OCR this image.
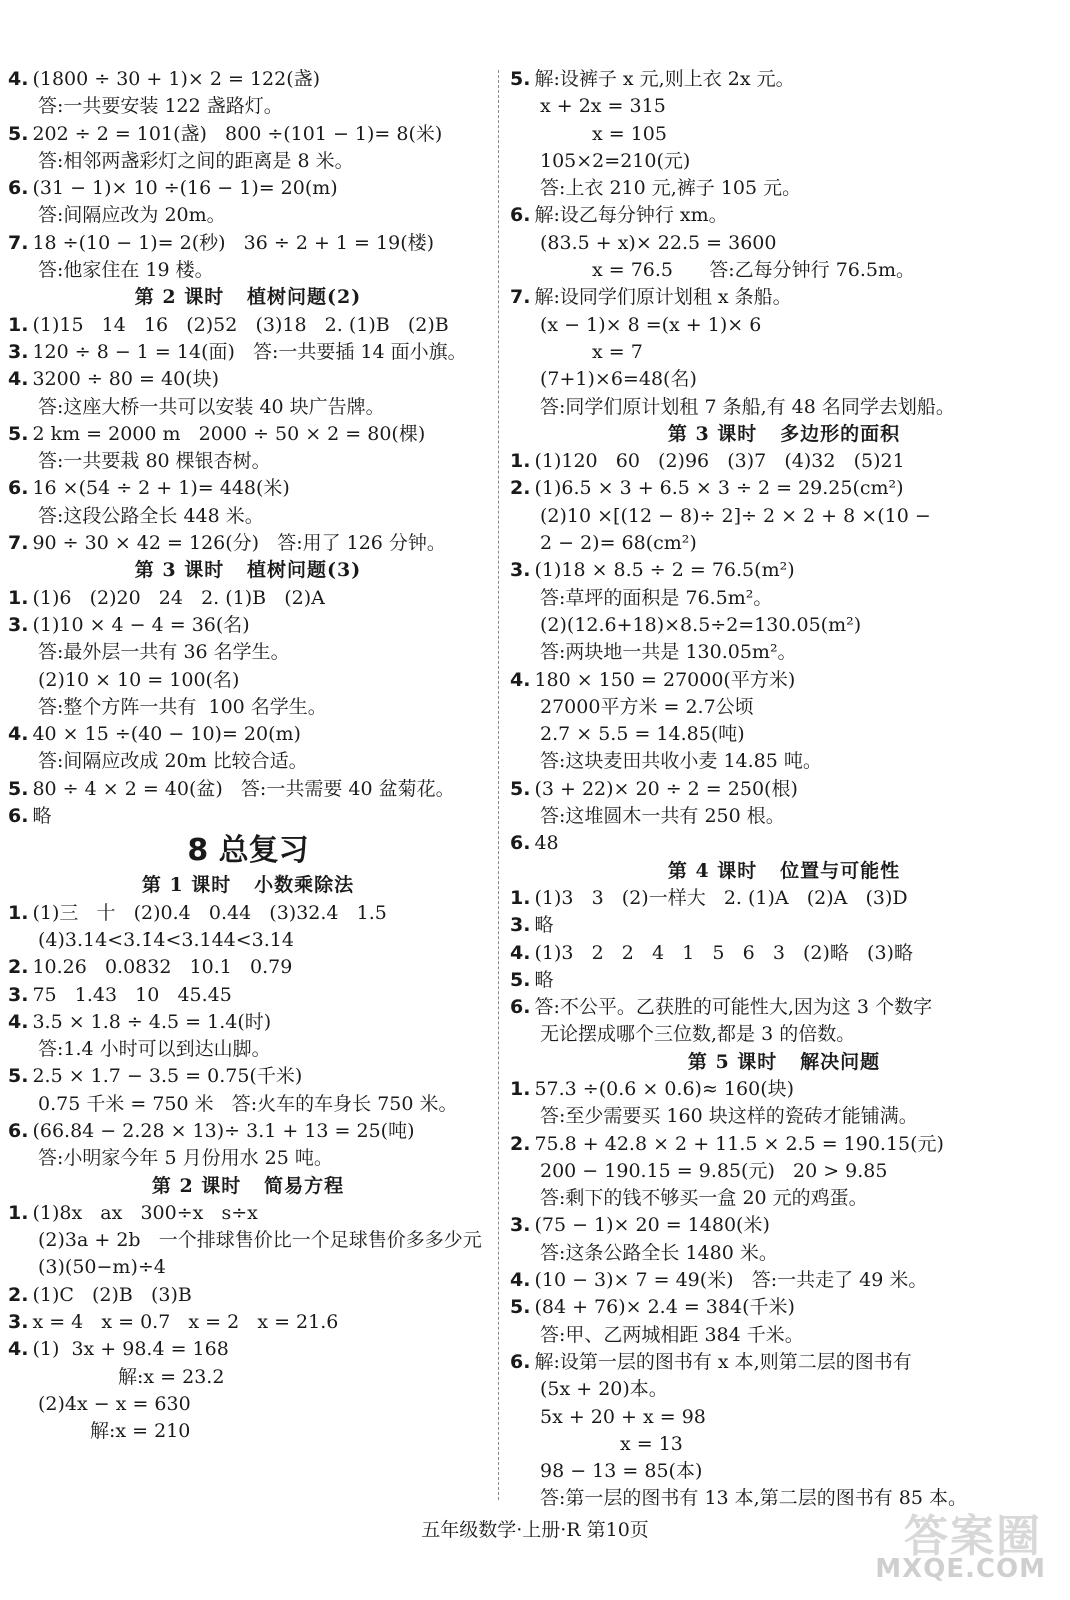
4. (1800 ÷ 30 + 1)× 2 = 122(盏)
答:一共要安装 122 盏路灯。
5. 202 ÷ 2 = 101(盏)   800 ÷(101 − 1)= 8(米)
答:相邻两盏彩灯之间的距离是 8 米。
6. (31 − 1)× 10 ÷(16 − 1)= 20(m)
答:间隔应改为 20m。
7. 18 ÷(10 − 1)= 2(秒)   36 ÷ 2 + 1 = 19(楼)
答:他家住在 19 楼。
第 2 课时   植树问题(2)
1. (1)15   14   16   (2)52   (3)18   2. (1)B   (2)B
3. 120 ÷ 8 − 1 = 14(面)   答:一共要插 14 面小旗。
4. 3200 ÷ 80 = 40(块)
答:这座大桥一共可以安装 40 块广告牌。
5. 2 km = 2000 m   2000 ÷ 50 × 2 = 80(棵)
答:一共要栽 80 棵银杏树。
6. 16 ×(54 ÷ 2 + 1)= 448(米)
答:这段公路全长 448 米。
7. 90 ÷ 30 × 42 = 126(分)   答:用了 126 分钟。
第 3 课时   植树问题(3)
1. (1)6   (2)20   24   2. (1)B   (2)A
3. (1)10 × 4 − 4 = 36(名)
答:最外层一共有 36 名学生。
(2)10 × 10 = 100(名)
答:整个方阵一共有  100 名学生。
4. 40 × 15 ÷(40 − 10)= 20(m)
答:间隔应改成 20m 比较合适。
5. 80 ÷ 4 × 2 = 40(盆)   答:一共需要 40 盆菊花。
6. 略
8 总复习
第 1 课时   小数乘除法
1. (1)三   十   (2)0.4̇   0.44   (3)32.4   1.5
(4)3.14<3.1̇4̇<3.144<3.14̇
2. 10.26   0.0832   10.1   0.79
3. 75   1.43   10   45.45
4. 3.5 × 1.8 ÷ 4.5 = 1.4(时)
答:1.4 小时可以到达山脚。
5. 2.5 × 1.7 − 3.5 = 0.75(千米)
0.75 千米 = 750 米   答:火车的车身长 750 米。
6. (66.84 − 2.28 × 13)÷ 3.1 + 13 = 25(吨)
答:小明家今年 5 月份用水 25 吨。
第 2 课时   简易方程
1. (1)8x   ax   300÷x   s÷x
(2)3a + 2b   一个排球售价比一个足球售价多多少元
(3)(50−m)÷4
2. (1)C   (2)B   (3)B
3. x = 4   x = 0.7   x = 2   x = 21.6
4. (1)  3x + 98.4 = 168
解:x = 23.2
(2)4x − x = 630
解:x = 210
5. 解:设裤子 x 元,则上衣 2x 元。
x + 2x = 315
x = 105
105×2=210(元)
答:上衣 210 元,裤子 105 元。
6. 解:设乙每分钟行 xm。
(83.5 + x)× 22.5 = 3600
x = 76.5      答:乙每分钟行 76.5m。
7. 解:设同学们原计划租 x 条船。
(x − 1)× 8 =(x + 1)× 6
x = 7
(7+1)×6=48(名)
答:同学们原计划租 7 条船,有 48 名同学去划船。
第 3 课时   多边形的面积
1. (1)120   60   (2)96   (3)7   (4)32   (5)21
2. (1)6.5 × 3 + 6.5 × 3 ÷ 2 = 29.25(cm²)
(2)10 ×[(12 − 8)÷ 2]÷ 2 × 2 + 8 ×(10 −
2 − 2)= 68(cm²)
3. (1)18 × 8.5 ÷ 2 = 76.5(m²)
答:草坪的面积是 76.5m²。
(2)(12.6+18)×8.5÷2=130.05(m²)
答:两块地一共是 130.05m²。
4. 180 × 150 = 27000(平方米)
27000平方米 = 2.7公顷
2.7 × 5.5 = 14.85(吨)
答:这块麦田共收小麦 14.85 吨。
5. (3 + 22)× 20 ÷ 2 = 250(根)
答:这堆圆木一共有 250 根。
6. 48
第 4 课时   位置与可能性
1. (1)3   3   (2)一样大   2. (1)A   (2)A   (3)D
3. 略
4. (1)3   2   2   4   1   5   6   3   (2)略   (3)略
5. 略
6. 答:不公平。乙获胜的可能性大,因为这 3 个数字
无论摆成哪个三位数,都是 3 的倍数。
第 5 课时   解决问题
1. 57.3 ÷(0.6 × 0.6)≈ 160(块)
答:至少需要买 160 块这样的瓷砖才能铺满。
2. 75.8 + 42.8 × 2 + 11.5 × 2.5 = 190.15(元)
200 − 190.15 = 9.85(元)   20 > 9.85
答:剩下的钱不够买一盒 20 元的鸡蛋。
3. (75 − 1)× 20 = 1480(米)
答:这条公路全长 1480 米。
4. (10 − 3)× 7 = 49(米)   答:一共走了 49 米。
5. (84 + 76)× 2.4 = 384(千米)
答:甲、乙两城相距 384 千米。
6. 解:设第一层的图书有 x 本,则第二层的图书有
(5x + 20)本。
5x + 20 + x = 98
x = 13
98 − 13 = 85(本)
答:第一层的图书有 13 本,第二层的图书有 85 本。
五年级数学·上册·R 第10页	答案圈
MXQE.COM
